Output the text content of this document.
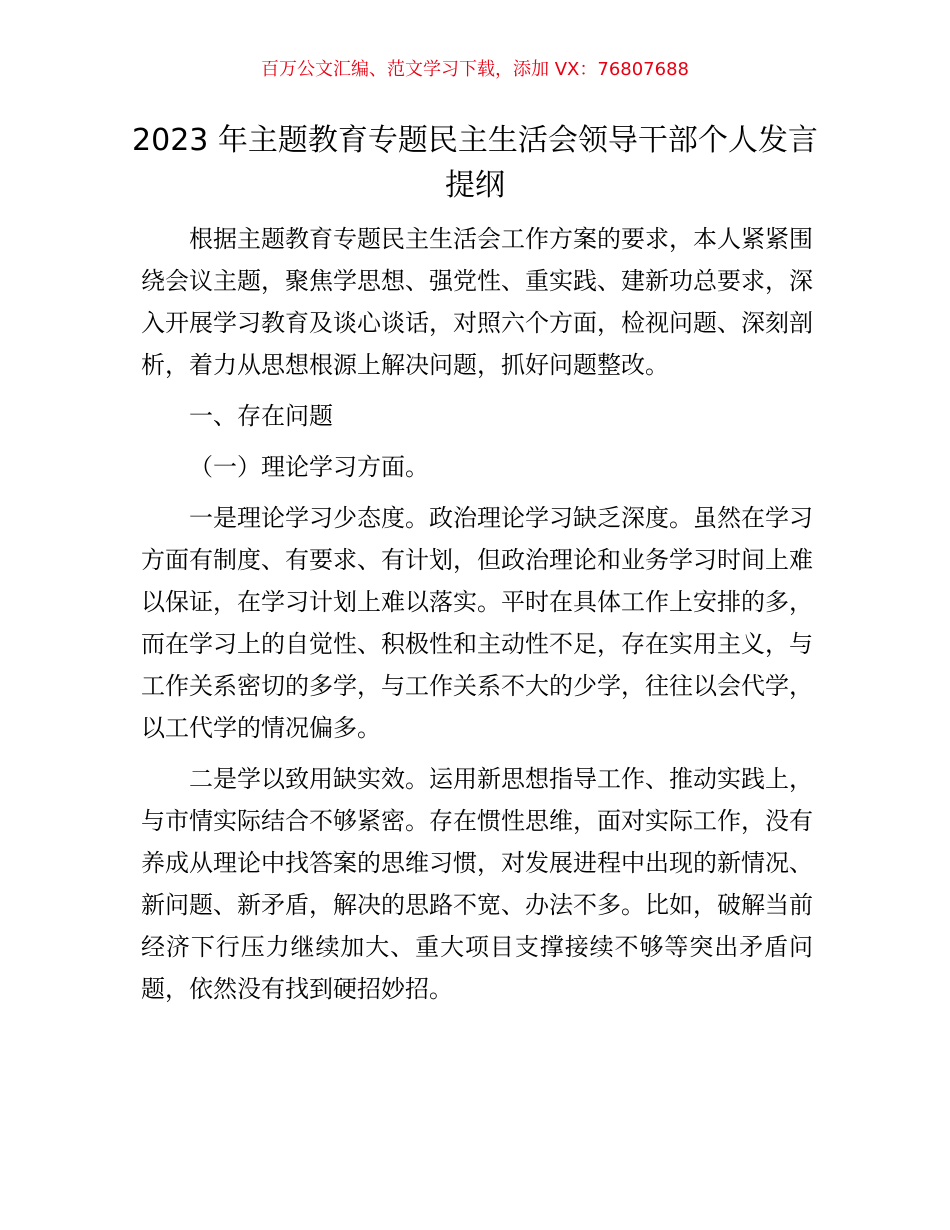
百万公文汇编、范文学习下载，添加 VX：76807688
2023 年主题教育专题民主生活会领导干部个人发言提纲

根据主题教育专题民主生活会工作方案的要求，本人紧紧围绕会议主题，聚焦学思想、强党性、重实践、建新功总要求，深入开展学习教育及谈心谈话，对照六个方面，检视问题、深刻剖析，着力从思想根源上解决问题，抓好问题整改。

一、存在问题

（一）理论学习方面。

一是理论学习少态度。政治理论学习缺乏深度。虽然在学习方面有制度、有要求、有计划，但政治理论和业务学习时间上难以保证，在学习计划上难以落实。平时在具体工作上安排的多，而在学习上的自觉性、积极性和主动性不足，存在实用主义，与工作关系密切的多学，与工作关系不大的少学，往往以会代学，以工代学的情况偏多。

二是学以致用缺实效。运用新思想指导工作、推动实践上，与市情实际结合不够紧密。存在惯性思维，面对实际工作，没有养成从理论中找答案的思维习惯，对发展进程中出现的新情况、新问题、新矛盾，解决的思路不宽、办法不多。比如，破解当前经济下行压力继续加大、重大项目支撑接续不够等突出矛盾问题，依然没有找到硬招妙招。
